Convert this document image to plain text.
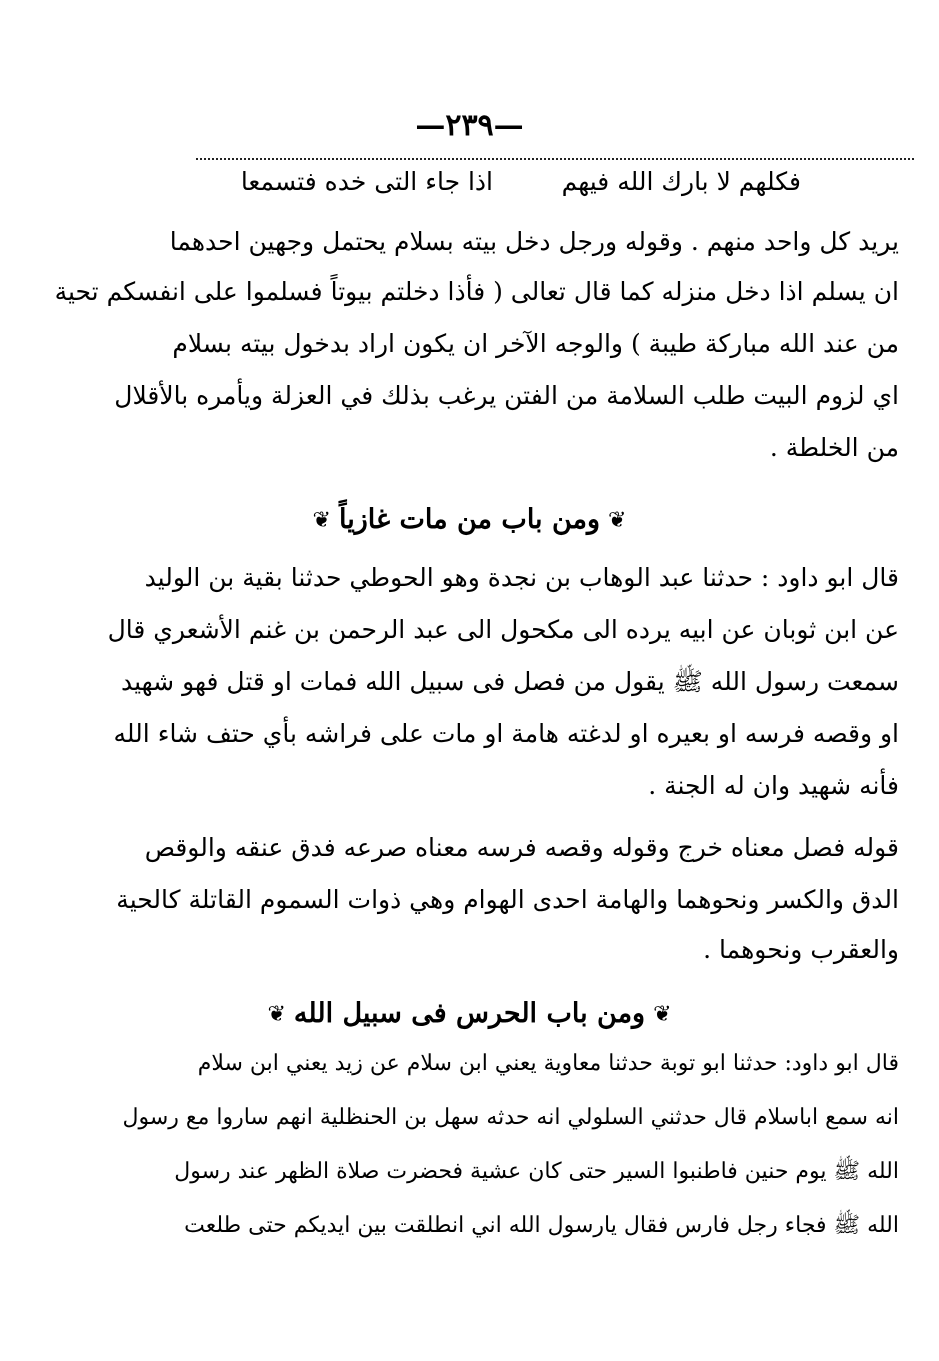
—٢٣٩—
فكلهم لا بارك الله فيهم
اذا جاء التى خده فتسمعا
يريد كل واحد منهم . وقوله ورجل دخل بيته بسلام يحتمل وجهين احدهما
ان يسلم اذا دخل منزله كما قال تعالى ( فأذا دخلتم بيوتاً فسلموا على انفسكم تحية
من عند الله مباركة طيبة ) والوجه الآخر ان يكون اراد بدخول بيته بسلام
اي لزوم البيت طلب السلامة من الفتن يرغب بذلك في العزلة ويأمره بالأقلال
من الخلطة .
❦ومن باب من مات غازياً❦
قال ابو داود : حدثنا عبد الوهاب بن نجدة وهو الحوطي حدثنا بقية بن الوليد
عن ابن ثوبان عن ابيه يرده الى مكحول الى عبد الرحمن بن غنم الأشعري قال
سمعت رسول الله ﷺ يقول من فصل فى سبيل الله فمات او قتل فهو شهيد
او وقصه فرسه او بعيره او لدغته هامة او مات على فراشه بأي حتف شاء الله
فأنه شهيد وان له الجنة .
قوله فصل معناه خرج وقوله وقصه فرسه معناه صرعه فدق عنقه والوقص
الدق والكسر ونحوهما والهامة احدى الهوام وهي ذوات السموم القاتلة كالحية
والعقرب ونحوهما .
❦ومن باب الحرس فى سبيل الله❦
قال ابو داود: حدثنا ابو توبة حدثنا معاوية يعني ابن سلام عن زيد يعني ابن سلام
انه سمع اباسلام قال حدثني السلولي انه حدثه سهل بن الحنظلية انهم ساروا مع رسول
الله ﷺ يوم حنين فاطنبوا السير حتى كان عشية فحضرت صلاة الظهر عند رسول
الله ﷺ فجاء رجل فارس فقال يارسول الله اني انطلقت بين ايديكم حتى طلعت
